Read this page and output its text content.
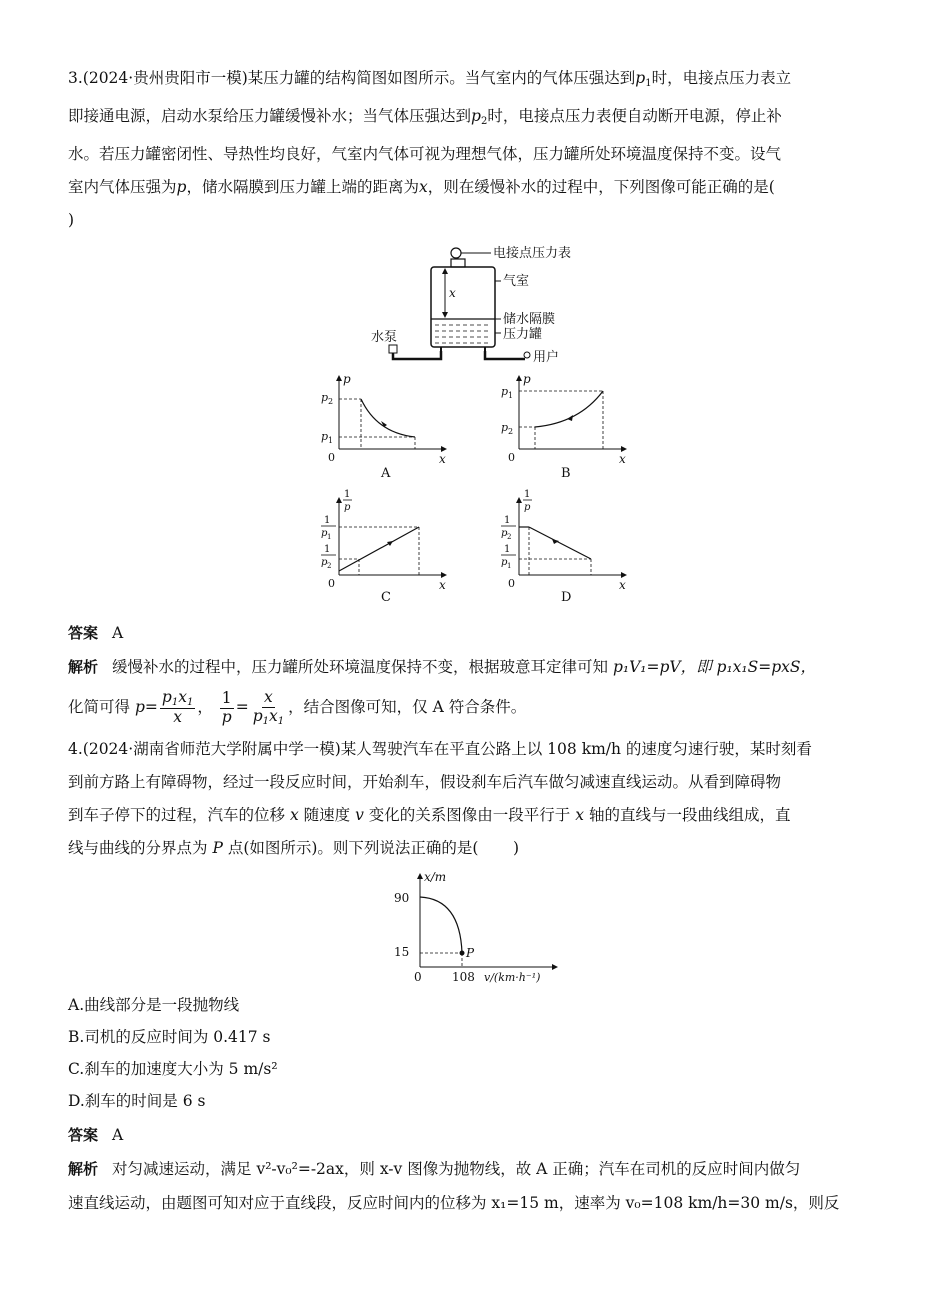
3.(2024·贵州贵阳市一模)某压力罐的结构简图如图所示。当气室内的气体压强达到$p_1$时，电接点压力表立
即接通电源，启动水泵给压力罐缓慢补水；当气体压强达到$p_2$时，电接点压力表便自动断开电源，停止补
水。若压力罐密闭性、导热性均良好，气室内气体可视为理想气体，压力罐所处环境温度保持不变。设气
室内气体压强为p，储水隔膜到压力罐上端的距离为x，则在缓慢补水的过程中，下列图像可能正确的是(
)

x
电接点压力表
气室
储水隔膜
压力罐
水泵
用户
p
x
0
p 2
p 1
A
p
x
0
p 1
p 2
B
1
p
x
0
1
p 1
1
p 2
C
1
p
x
0
1
p 2
1
p 1
D

答案 A

解析 缓慢补水的过程中，压力罐所处环境温度保持不变，根据玻意耳定律可知 p₁V₁=pV，即 p₁x₁S=pxS，

化简可得 $p= \frac{p_1x_1}{x}$ ， $\frac{1}{p} = \frac{x}{p_1x_1}$ ，结合图像可知，仅 A 符合条件。

4.(2024·湖南省师范大学附属中学一模)某人驾驶汽车在平直公路上以 108 km/h 的速度匀速行驶，某时刻看
到前方路上有障碍物，经过一段反应时间，开始刹车，假设刹车后汽车做匀减速直线运动。从看到障碍物
到车子停下的过程，汽车的位移 x 随速度 v 变化的关系图像由一段平行于 x 轴的直线与一段曲线组成，直
线与曲线的分界点为 P 点(如图所示)。则下列说法正确的是( )

x/m
90
15
0	108 v/(km·h⁻¹)
P

A.曲线部分是一段抛物线

B.司机的反应时间为 0.417 s

C.刹车的加速度大小为 5 m/s²

D.刹车的时间是 6 s

答案 A

解析 对匀减速运动，满足 v²-v₀²=-2ax，则 x-v 图像为抛物线，故 A 正确；汽车在司机的反应时间内做匀

速直线运动，由题图可知对应于直线段，反应时间内的位移为 x₁=15 m，速率为 v₀=108 km/h=30 m/s，则反
